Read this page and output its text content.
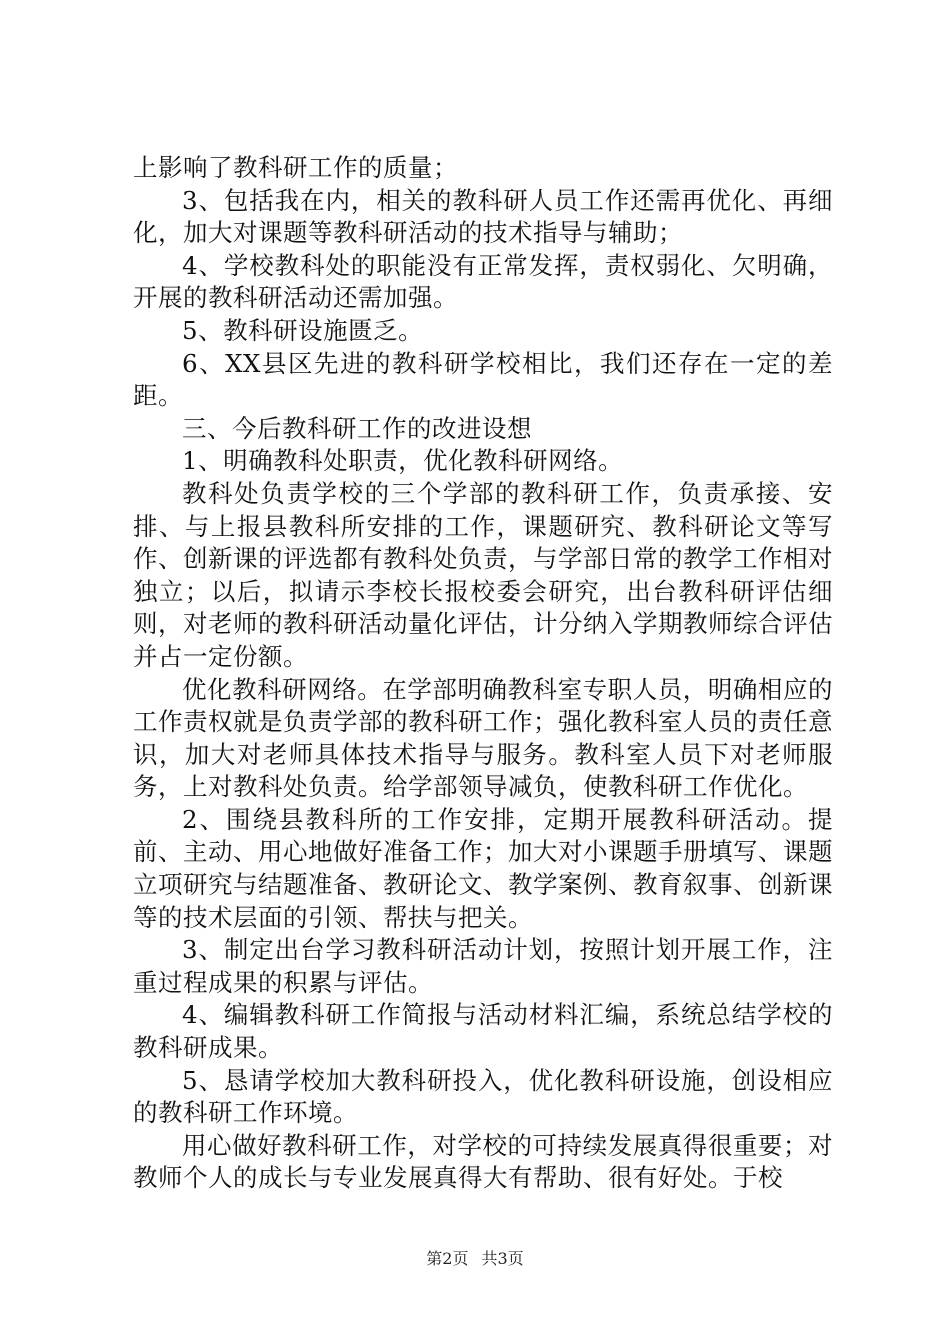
上影响了教科研工作的质量；

3、包括我在内，相关的教科研人员工作还需再优化、再细化，加大对课题等教科研活动的技术指导与辅助；

4、学校教科处的职能没有正常发挥，责权弱化、欠明确，开展的教科研活动还需加强。

5、教科研设施匮乏。

6、XX县区先进的教科研学校相比，我们还存在一定的差距。

三、今后教科研工作的改进设想

1、明确教科处职责，优化教科研网络。

教科处负责学校的三个学部的教科研工作，负责承接、安排、与上报县教科所安排的工作，课题研究、教科研论文等写作、创新课的评选都有教科处负责，与学部日常的教学工作相对独立；以后，拟请示李校长报校委会研究，出台教科研评估细则，对老师的教科研活动量化评估，计分纳入学期教师综合评估并占一定份额。

优化教科研网络。在学部明确教科室专职人员，明确相应的工作责权就是负责学部的教科研工作；强化教科室人员的责任意识，加大对老师具体技术指导与服务。教科室人员下对老师服务，上对教科处负责。给学部领导减负，使教科研工作优化。

2、围绕县教科所的工作安排，定期开展教科研活动。提前、主动、用心地做好准备工作；加大对小课题手册填写、课题立项研究与结题准备、教研论文、教学案例、教育叙事、创新课等的技术层面的引领、帮扶与把关。

3、制定出台学习教科研活动计划，按照计划开展工作，注重过程成果的积累与评估。

4、编辑教科研工作简报与活动材料汇编，系统总结学校的教科研成果。

5、恳请学校加大教科研投入，优化教科研设施，创设相应的教科研工作环境。

用心做好教科研工作，对学校的可持续发展真得很重要；对教师个人的成长与专业发展真得大有帮助、很有好处。于校

第2页 共3页
